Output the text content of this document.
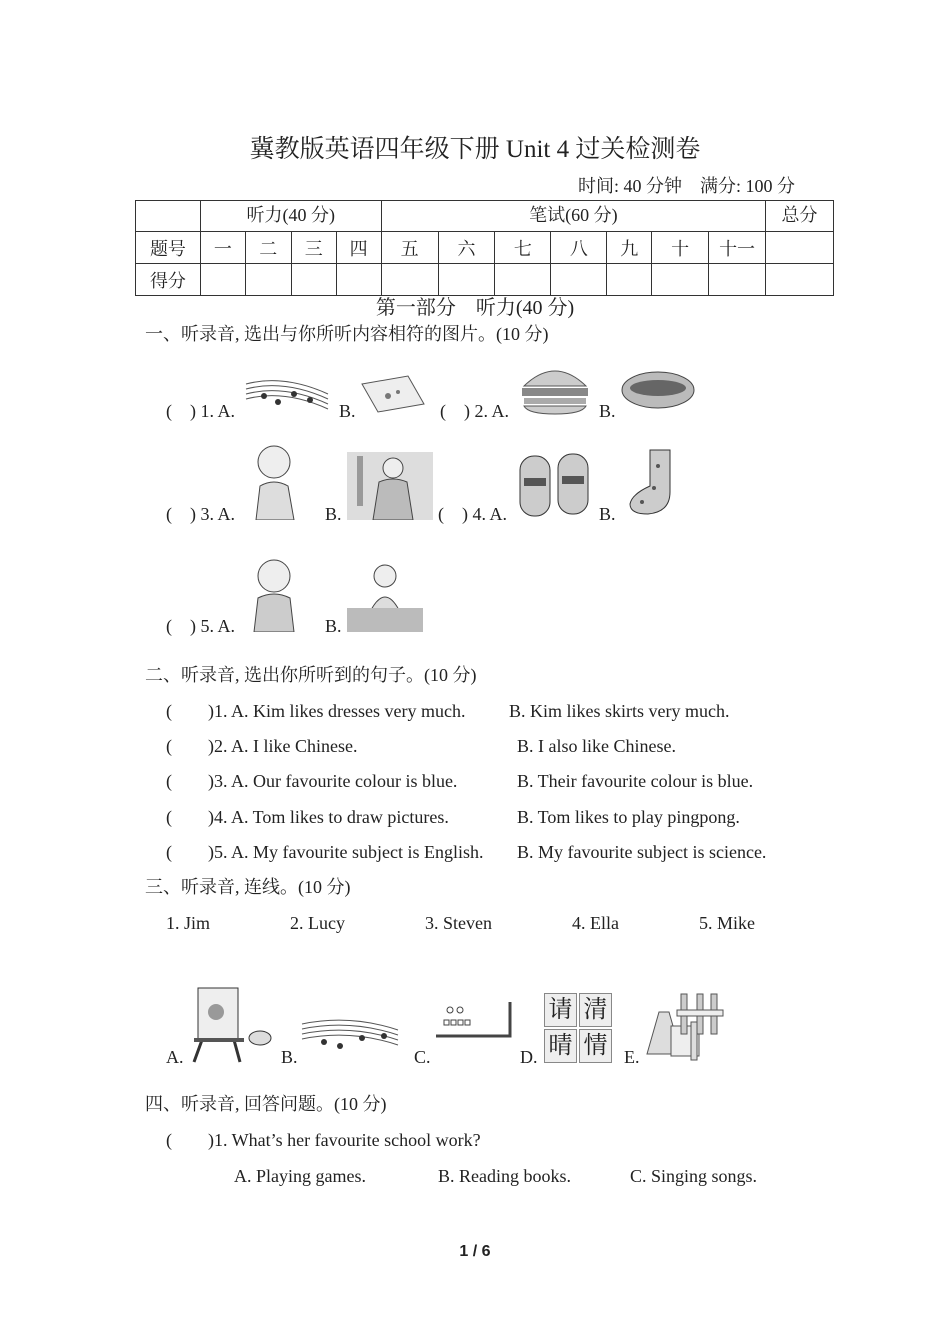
冀教版英语四年级下册 Unit 4 过关检测卷
时间: 40 分钟　满分: 100 分
	听力(40 分)				笔试(60 分)							总分
题号	一	二	三	四	五	六	七	八	九	十	十一	
得分												
第一部分　听力(40 分)
一、听录音, 选出与你所听内容相符的图片。(10 分)
(　) 1. A.	B.	(　) 2. A.	B.
(　) 3. A.	B.	(　) 4. A.	B.
(　) 5. A.	B.
二、听录音, 选出你所听到的句子。(10 分)
(　　)1. A. Kim likes dresses very much. B. Kim likes skirts very much.
(　　)2. A. I like Chinese.	B. I also like Chinese.
(　　)3. A. Our favourite colour is blue.	B. Their favourite colour is blue.
(　　)4. A. Tom likes to draw pictures.	B. Tom likes to play pingpong.
(　　)5. A. My favourite subject is English. B. My favourite subject is science.
三、听录音, 连线。(10 分)
1. Jim	2. Lucy	3. Steven	4. Ella	5. Mike
A.	B.	C.	D.
请 清
晴 情 E.
四、听录音, 回答问题。(10 分)
(　　)1. What’s her favourite school work?
A. Playing games.	B. Reading books.	C. Singing songs.
1 / 6
